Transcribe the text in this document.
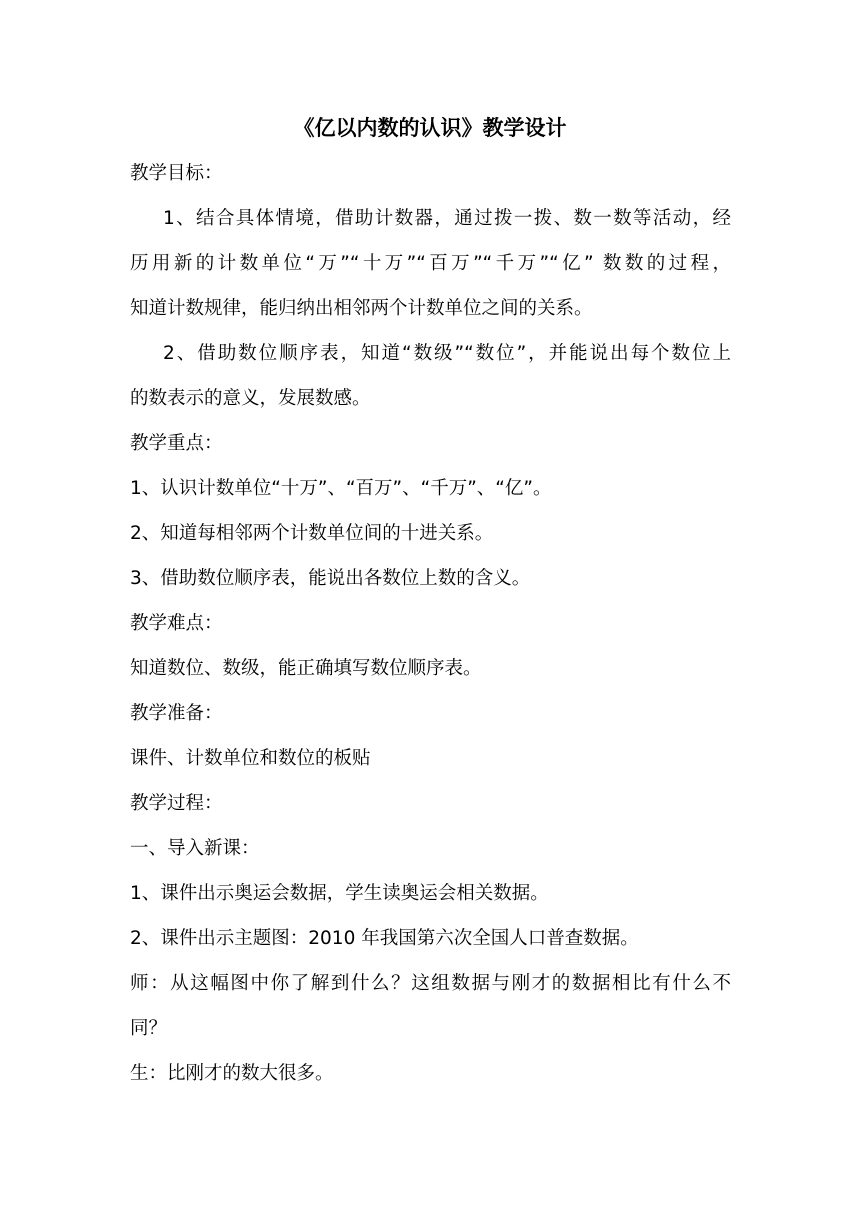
《亿以内数的认识》教学设计
教学目标：
1、结合具体情境，借助计数器，通过拨一拨、数一数等活动，经
历用新的计数单位“万”“十万”“百万”“千万”“亿” 数数的过程，
知道计数规律，能归纳出相邻两个计数单位之间的关系。
2、借助数位顺序表，知道“数级”“数位”，并能说出每个数位上
的数表示的意义，发展数感。
教学重点：
1、认识计数单位“十万”、“百万”、“千万”、“亿”。
2、知道每相邻两个计数单位间的十进关系。
3、借助数位顺序表，能说出各数位上数的含义。
教学难点：
知道数位、数级，能正确填写数位顺序表。
教学准备：
课件、计数单位和数位的板贴
教学过程：
一、导入新课：
1、课件出示奥运会数据，学生读奥运会相关数据。
2、课件出示主题图：2010 年我国第六次全国人口普查数据。
师：从这幅图中你了解到什么？这组数据与刚才的数据相比有什么不
同？
生：比刚才的数大很多。
